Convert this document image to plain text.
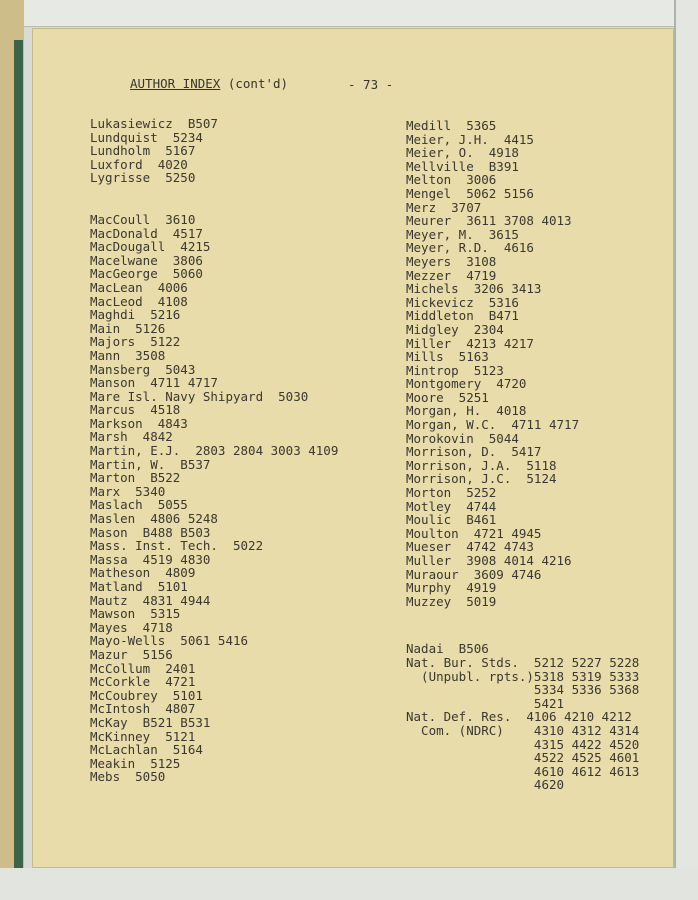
AUTHOR INDEX (cont'd)	- 73 -
Lukasiewicz  B507
Lundquist  5234
Lundholm  5167
Luxford  4020
Lygrisse  5250
MacCoull  3610
MacDonald  4517
MacDougall  4215
Macelwane  3806
MacGeorge  5060
MacLean  4006
MacLeod  4108
Maghdi  5216
Main  5126
Majors  5122
Mann  3508
Mansberg  5043
Manson  4711 4717
Mare Isl. Navy Shipyard  5030
Marcus  4518
Markson  4843
Marsh  4842
Martin, E.J.  2803 2804 3003 4109
Martin, W.  B537
Marton  B522
Marx  5340
Maslach  5055
Maslen  4806 5248
Mason  B488 B503
Mass. Inst. Tech.  5022
Massa  4519 4830
Matheson  4809
Matland  5101
Mautz  4831 4944
Mawson  5315
Mayes  4718
Mayo-Wells  5061 5416
Mazur  5156
McCollum  2401
McCorkle  4721
McCoubrey  5101
McIntosh  4807
McKay  B521 B531
McKinney  5121
McLachlan  5164
Meakin  5125
Mebs  5050
Medill  5365
Meier, J.H.  4415
Meier, O.  4918
Mellville  B391
Melton  3006
Mengel  5062 5156
Merz  3707
Meurer  3611 3708 4013
Meyer, M.  3615
Meyer, R.D.  4616
Meyers  3108
Mezzer  4719
Michels  3206 3413
Mickevicz  5316
Middleton  B471
Midgley  2304
Miller  4213 4217
Mills  5163
Mintrop  5123
Montgomery  4720
Moore  5251
Morgan, H.  4018
Morgan, W.C.  4711 4717
Morokovin  5044
Morrison, D.  5417
Morrison, J.A.  5118
Morrison, J.C.  5124
Morton  5252
Motley  4744
Moulic  B461
Moulton  4721 4945
Mueser  4742 4743
Muller  3908 4014 4216
Muraour  3609 4746
Murphy  4919
Muzzey  5019
Nadai  B506
Nat. Bur. Stds.  5212 5227 5228
(Unpubl. rpts.)5318 5319 5333
5334 5336 5368
5421
Nat. Def. Res.  4106 4210 4212
Com. (NDRC)    4310 4312 4314
4315 4422 4520
4522 4525 4601
4610 4612 4613
4620
